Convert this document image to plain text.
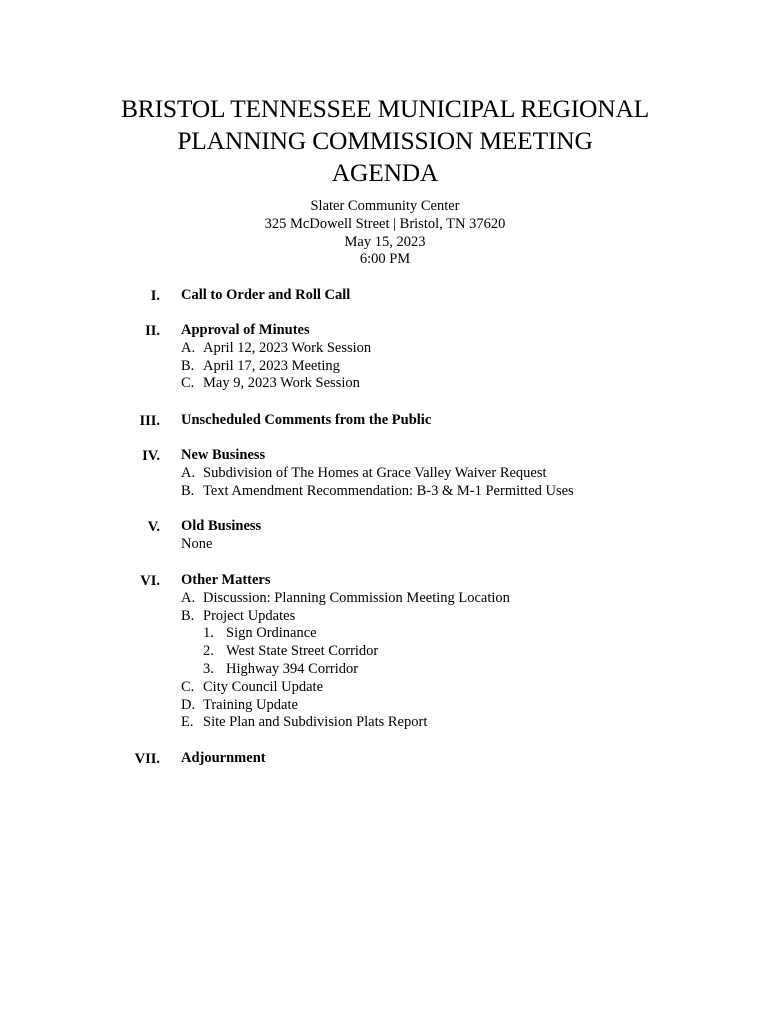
BRISTOL TENNESSEE MUNICIPAL REGIONAL
PLANNING COMMISSION MEETING
AGENDA
Slater Community Center
325 McDowell Street | Bristol, TN 37620
May 15, 2023
6:00 PM
I. Call to Order and Roll Call
II. Approval of Minutes
A. April 12, 2023 Work Session
B. April 17, 2023 Meeting
C. May 9, 2023 Work Session
III. Unscheduled Comments from the Public
IV. New Business
A. Subdivision of The Homes at Grace Valley Waiver Request
B. Text Amendment Recommendation: B-3 & M-1 Permitted Uses
V. Old Business
None
VI. Other Matters
A. Discussion: Planning Commission Meeting Location
B. Project Updates
1. Sign Ordinance
2. West State Street Corridor
3. Highway 394 Corridor
C. City Council Update
D. Training Update
E. Site Plan and Subdivision Plats Report
VII. Adjournment
